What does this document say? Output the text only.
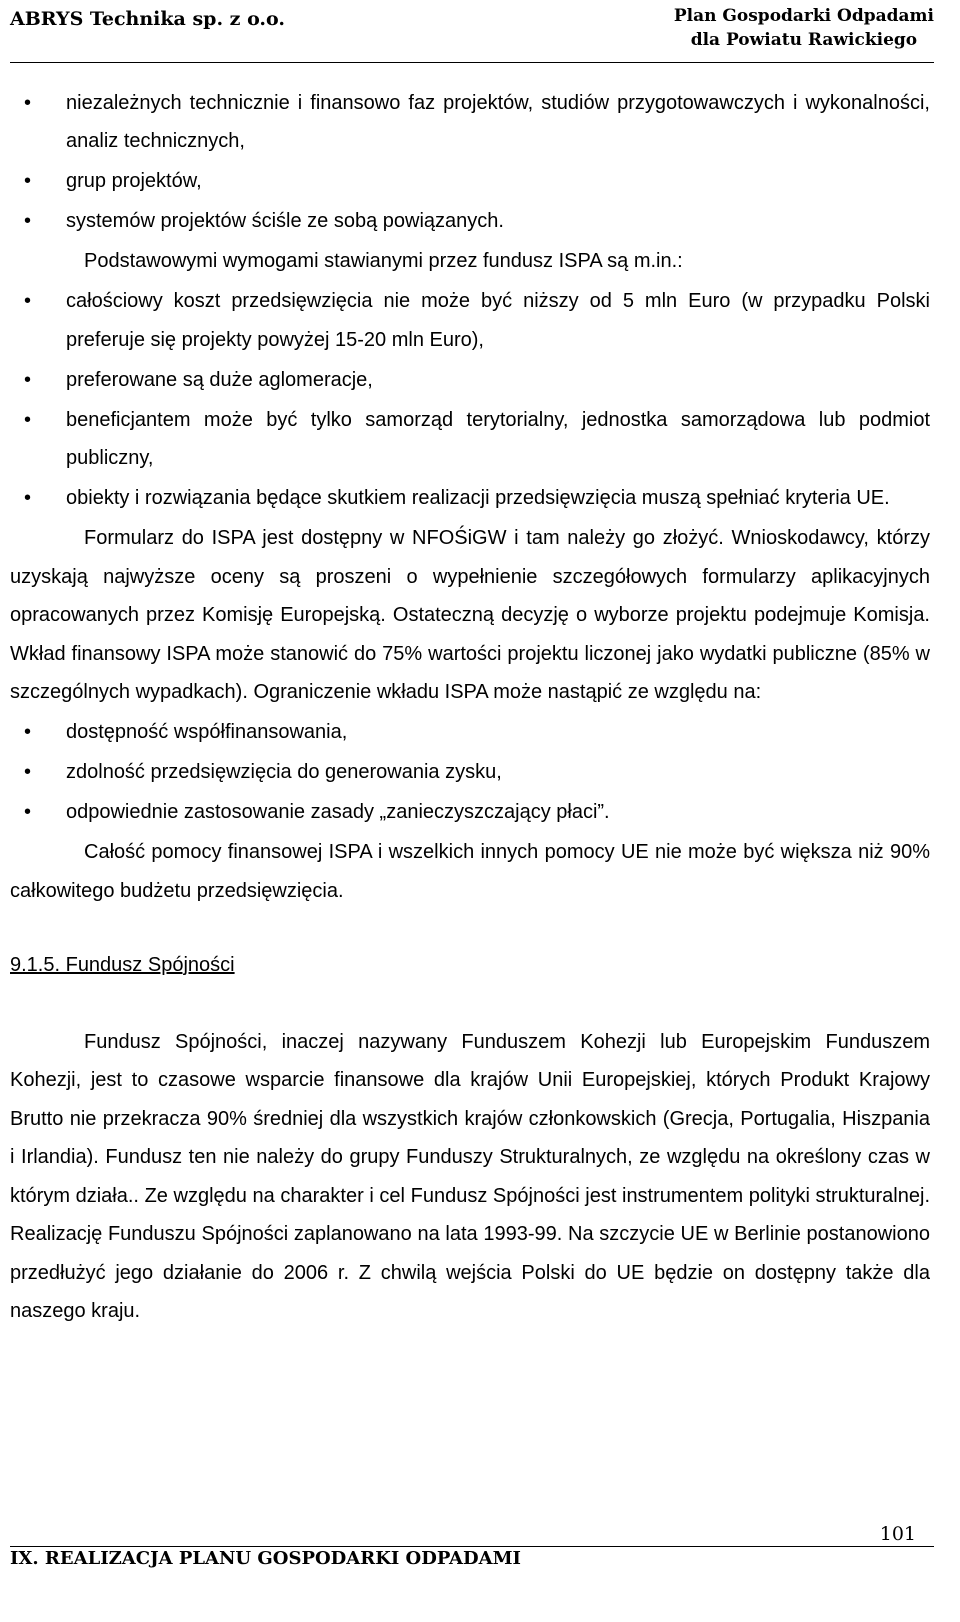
ABRYS Technika sp. z o.o.	Plan Gospodarki Odpadami
dla Powiatu Rawickiego
• niezależnych technicznie i finansowo faz projektów, studiów przygotowawczych i wykonalności, analiz technicznych,
• grup projektów,
• systemów projektów ściśle ze sobą powiązanych.

Podstawowymi wymogami stawianymi przez fundusz ISPA są m.in.:

• całościowy koszt przedsięwzięcia nie może być niższy od 5 mln Euro (w przypadku Polski preferuje się projekty powyżej 15-20 mln Euro),
• preferowane są duże aglomeracje,
• beneficjantem może być tylko samorząd terytorialny, jednostka samorządowa lub podmiot publiczny,
• obiekty i rozwiązania będące skutkiem realizacji przedsięwzięcia muszą spełniać kryteria UE.

Formularz do ISPA jest dostępny w NFOŚiGW i tam należy go złożyć. Wnioskodawcy, którzy uzyskają najwyższe oceny są proszeni o wypełnienie szczegółowych formularzy aplikacyjnych opracowanych przez Komisję Europejską. Ostateczną decyzję o wyborze projektu podejmuje Komisja. Wkład finansowy ISPA może stanowić do 75% wartości projektu liczonej jako wydatki publiczne (85% w szczególnych wypadkach). Ograniczenie wkładu ISPA może nastąpić ze względu na:

• dostępność współfinansowania,
• zdolność przedsięwzięcia do generowania zysku,
• odpowiednie zastosowanie zasady „zanieczyszczający płaci”.

Całość pomocy finansowej ISPA i wszelkich innych pomocy UE nie może być większa niż 90% całkowitego budżetu przedsięwzięcia.

9.1.5. Fundusz Spójności

Fundusz Spójności, inaczej nazywany Funduszem Kohezji lub Europejskim Funduszem Kohezji, jest to czasowe wsparcie finansowe dla krajów Unii Europejskiej, których Produkt Krajowy Brutto nie przekracza 90% średniej dla wszystkich krajów członkowskich (Grecja, Portugalia, Hiszpania i Irlandia). Fundusz ten nie należy do grupy Funduszy Strukturalnych, ze względu na określony czas w którym działa.. Ze względu na charakter i cel Fundusz Spójności jest instrumentem polityki strukturalnej. Realizację Funduszu Spójności zaplanowano na lata 1993-99. Na szczycie UE w Berlinie postanowiono przedłużyć jego działanie do 2006 r. Z chwilą wejścia Polski do UE będzie on dostępny także dla naszego kraju.

101
IX. REALIZACJA PLANU GOSPODARKI ODPADAMI
